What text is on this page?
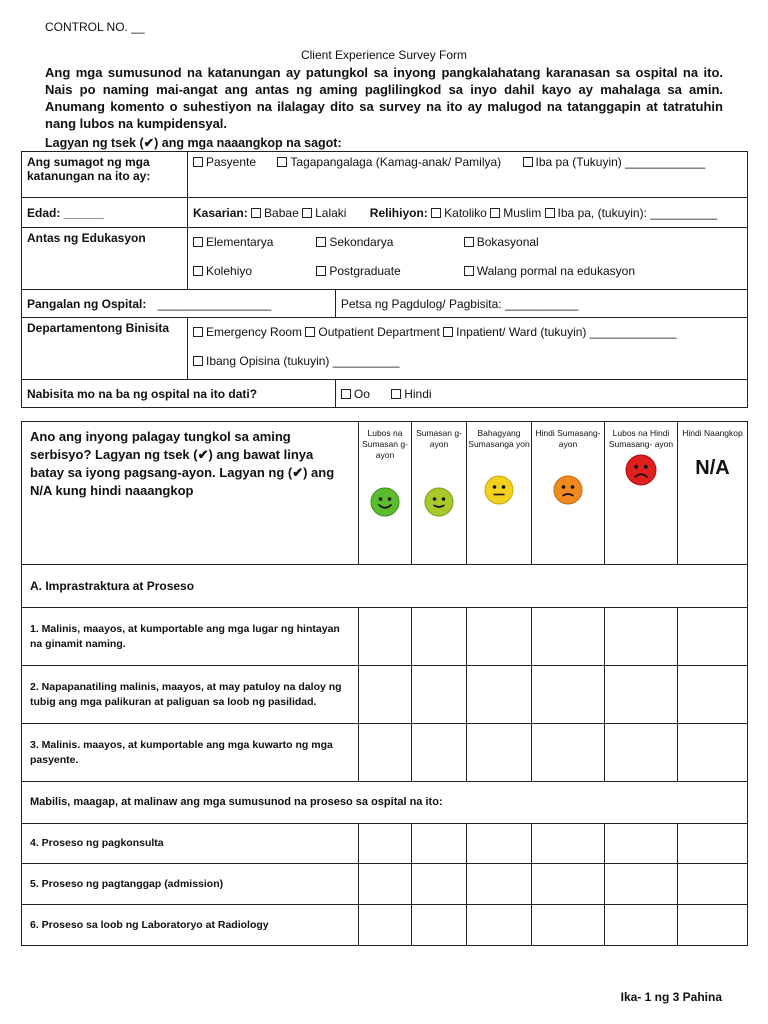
CONTROL NO. __
Client Experience Survey Form
Ang mga sumusunod na katanungan ay patungkol sa inyong pangkalahatang karanasan sa ospital na ito. Nais po naming mai-angat ang antas ng aming paglilingkod sa inyo dahil kayo ay mahalaga sa amin. Anumang komento o suhestiyon na ilalagay dito sa survey na ito ay malugod na tatanggapin at tatratuhin nang lubos na kumpidensyal.
Lagyan ng tsek (✔) ang mga naaangkop na sagot:
Ang sumagot ng mga katanungan na ito ay:	Pasyente Tagapangalaga (Kamag-anak/ Pamilya) Iba pa (Tukuyin) ____________	
Edad: ______	Kasarian: Babae Lalaki Relihiyon: Katoliko Muslim Iba pa, (tukuyin): __________	
Antas ng Edukasyon	Elementarya Sekondarya Bokasyonal
Kolehiyo Postgraduate Walang pormal na edukasyon	

Pangalan ng Ospital: _________________		Petsa ng Pagdulog/ Pagbisita: ___________
Departamentong Binisita	Emergency Room Outpatient Department Inpatient/ Ward (tukuyin) _____________
Ibang Opisina (tukuyin) __________	

Nabisita mo na ba ng ospital na ito dati?		Oo Hindi
Ano ang inyong palagay tungkol sa aming serbisyo? Lagyan ng tsek (✔) ang bawat linya batay sa iyong pagsang-ayon. Lagyan ng (✔) ang N/A kung hindi naaangkop	Lubos na Sumasan g-ayon	Sumasan g-ayon	Bahagyang Sumasanga yon	Hindi Sumasang- ayon	Lubos na Hindi Sumasang- ayon	Hindi Naangkop
N/A

A. Imprastraktura at Proseso						
1. Malinis, maayos, at kumportable ang mga lugar ng hintayan na ginamit naming.						
2. Napapanatiling malinis, maayos, at may patuloy na daloy ng tubig ang mga palikuran at paliguan sa loob ng pasilidad.						
3. Malinis. maayos, at kumportable ang mga kuwarto ng mga pasyente.						
Mabilis, maagap, at malinaw ang mga sumusunod na proseso sa ospital na ito:						
4. Proseso ng pagkonsulta						
5. Proseso ng pagtanggap (admission)						
6. Proseso sa loob ng Laboratoryo at Radiology						
Ika- 1 ng 3 Pahina
